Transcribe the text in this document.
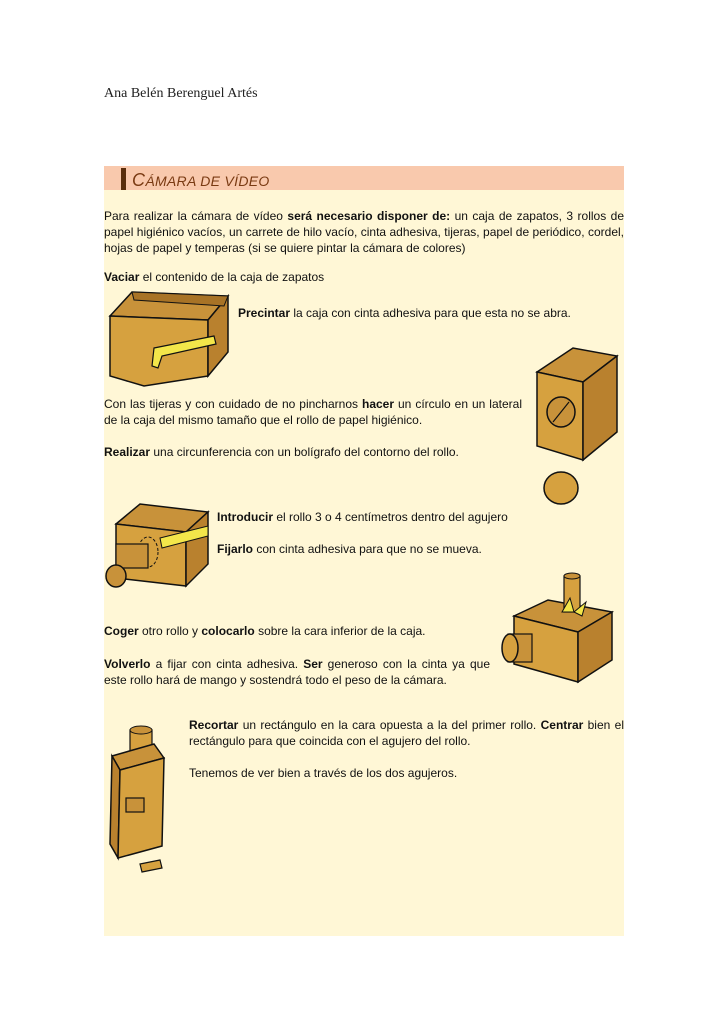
Ana Belén Berenguel Artés
CÁMARA DE VÍDEO
Para realizar la cámara de vídeo será necesario disponer de: un caja de zapatos, 3 rollos de papel higiénico vacíos, un carrete de hilo vacío, cinta adhesiva, tijeras, papel de periódico, cordel, hojas de papel y temperas (si se quiere pintar la cámara de colores)
Vaciar el contenido de la caja de zapatos
Precintar la caja con cinta adhesiva para que esta no se abra.
Con las tijeras y con cuidado de no pincharnos hacer un círculo en un lateral de la caja del mismo tamaño que el rollo de papel higiénico.
Realizar una circunferencia con un bolígrafo del contorno del rollo.
Introducir el rollo 3 o 4 centímetros dentro del agujero
Fijarlo con cinta adhesiva para que no se mueva.
Coger otro rollo y colocarlo sobre la cara inferior de la caja.
Volverlo a fijar con cinta adhesiva. Ser generoso con la cinta ya que este rollo hará de mango y sostendrá todo el peso de la cámara.
Recortar un rectángulo en la cara opuesta a la del primer rollo. Centrar bien el rectángulo para que coincida con el agujero del rollo.
Tenemos de ver bien a través de los dos agujeros.
